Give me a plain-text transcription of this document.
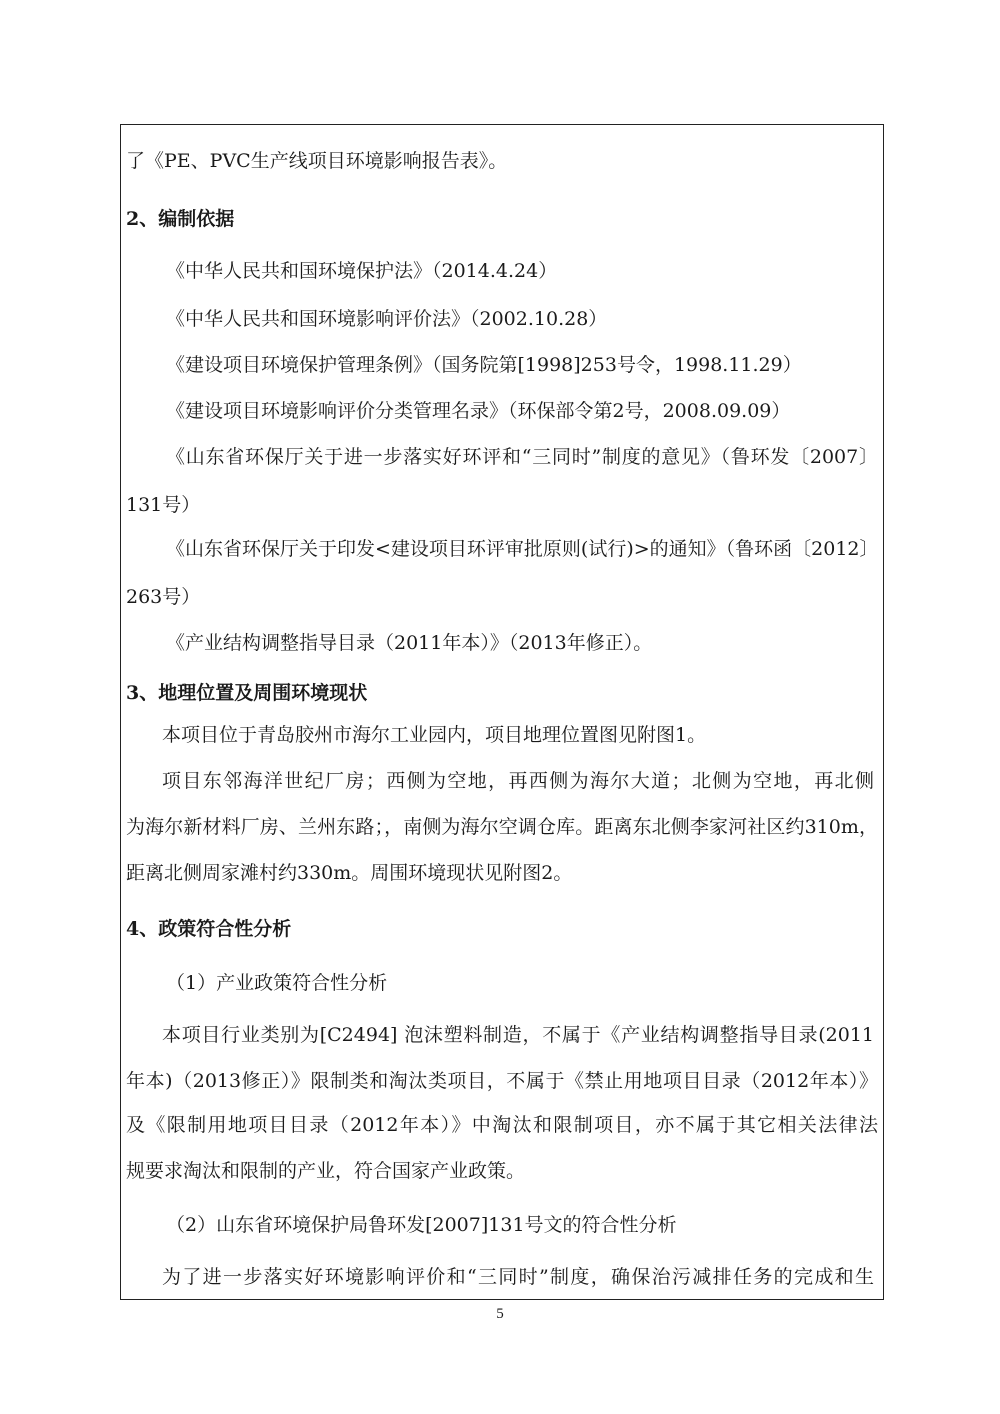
了《PE、PVC生产线项目环境影响报告表》。
2、编制依据
《中华人民共和国环境保护法》（2014.4.24）
《中华人民共和国环境影响评价法》（2002.10.28）
《建设项目环境保护管理条例》（国务院第[1998]253号令，1998.11.29）
《建设项目环境影响评价分类管理名录》（环保部令第2号，2008.09.09）
《山东省环保厅关于进一步落实好环评和“三同时”制度的意见》（鲁环发〔2007〕
131号）
《山东省环保厅关于印发<建设项目环评审批原则(试行)>的通知》（鲁环函〔2012〕
263号）
《产业结构调整指导目录（2011年本）》（2013年修正）。
3、地理位置及周围环境现状
本项目位于青岛胶州市海尔工业园内，项目地理位置图见附图1。
项目东邻海洋世纪厂房；西侧为空地，再西侧为海尔大道；北侧为空地，再北侧
为海尔新材料厂房、兰州东路；，南侧为海尔空调仓库。距离东北侧李家河社区约310m，
距离北侧周家滩村约330m。周围环境现状见附图2。
4、政策符合性分析
（1）产业政策符合性分析
本项目行业类别为[C2494] 泡沫塑料制造，不属于《产业结构调整指导目录(2011
年本)（2013修正）》限制类和淘汰类项目，不属于《禁止用地项目目录（2012年本）》
及《限制用地项目目录（2012年本）》中淘汰和限制项目，亦不属于其它相关法律法
规要求淘汰和限制的产业，符合国家产业政策。
（2）山东省环境保护局鲁环发[2007]131号文的符合性分析
为了进一步落实好环境影响评价和“三同时”制度，确保治污减排任务的完成和生
5
